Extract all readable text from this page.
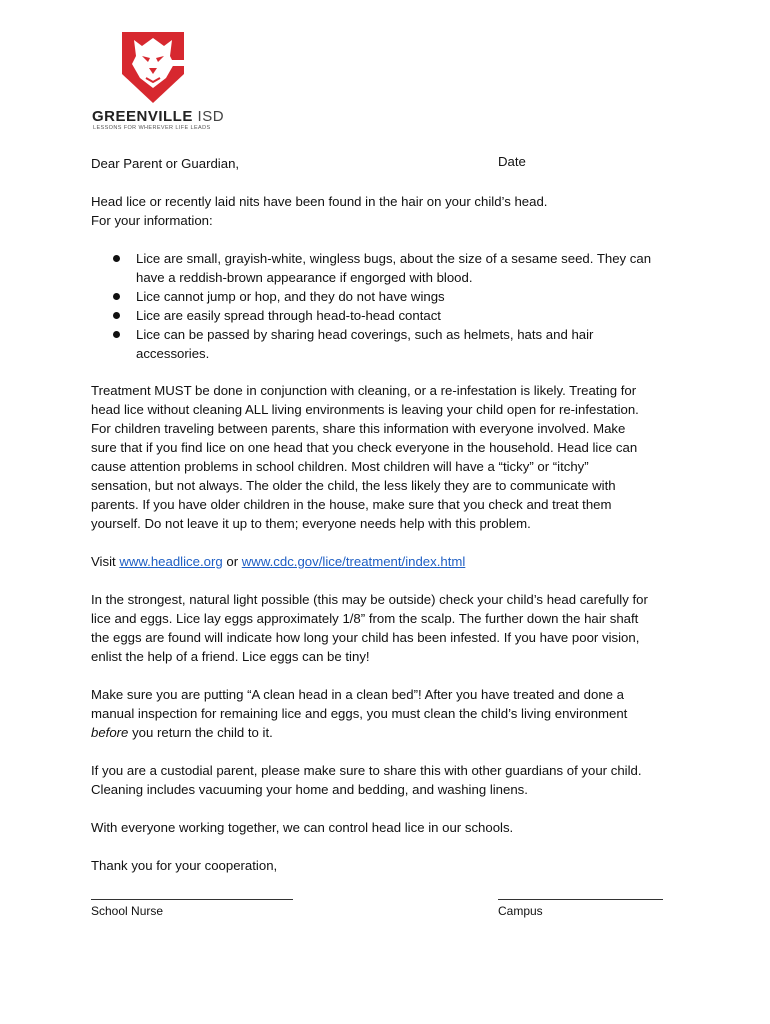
GREENVILLE ISD
LESSONS FOR WHEREVER LIFE LEADS
Dear Parent or Guardian,	Date
Head lice or recently laid nits have been found in the hair on your child’s head.
For your information:
Lice are small, grayish-white, wingless bugs, about the size of a sesame seed. They can
have a reddish-brown appearance if engorged with blood.
Lice cannot jump or hop, and they do not have wings
Lice are easily spread through head-to-head contact
Lice can be passed by sharing head coverings, such as helmets, hats and hair
accessories.
Treatment MUST be done in conjunction with cleaning, or a re-infestation is likely. Treating for
head lice without cleaning ALL living environments is leaving your child open for re-infestation.
For children traveling between parents, share this information with everyone involved. Make
sure that if you find lice on one head that you check everyone in the household. Head lice can
cause attention problems in school children. Most children will have a “ticky” or “itchy”
sensation, but not always. The older the child, the less likely they are to communicate with
parents. If you have older children in the house, make sure that you check and treat them
yourself. Do not leave it up to them; everyone needs help with this problem.
Visit www.headlice.org or www.cdc.gov/lice/treatment/index.html
In the strongest, natural light possible (this may be outside) check your child’s head carefully for
lice and eggs. Lice lay eggs approximately 1/8” from the scalp. The further down the hair shaft
the eggs are found will indicate how long your child has been infested. If you have poor vision,
enlist the help of a friend. Lice eggs can be tiny!
Make sure you are putting “A clean head in a clean bed”! After you have treated and done a
manual inspection for remaining lice and eggs, you must clean the child’s living environment
before you return the child to it.
If you are a custodial parent, please make sure to share this with other guardians of your child.
Cleaning includes vacuuming your home and bedding, and washing linens.
With everyone working together, we can control head lice in our schools.
Thank you for your cooperation,
School Nurse	Campus
